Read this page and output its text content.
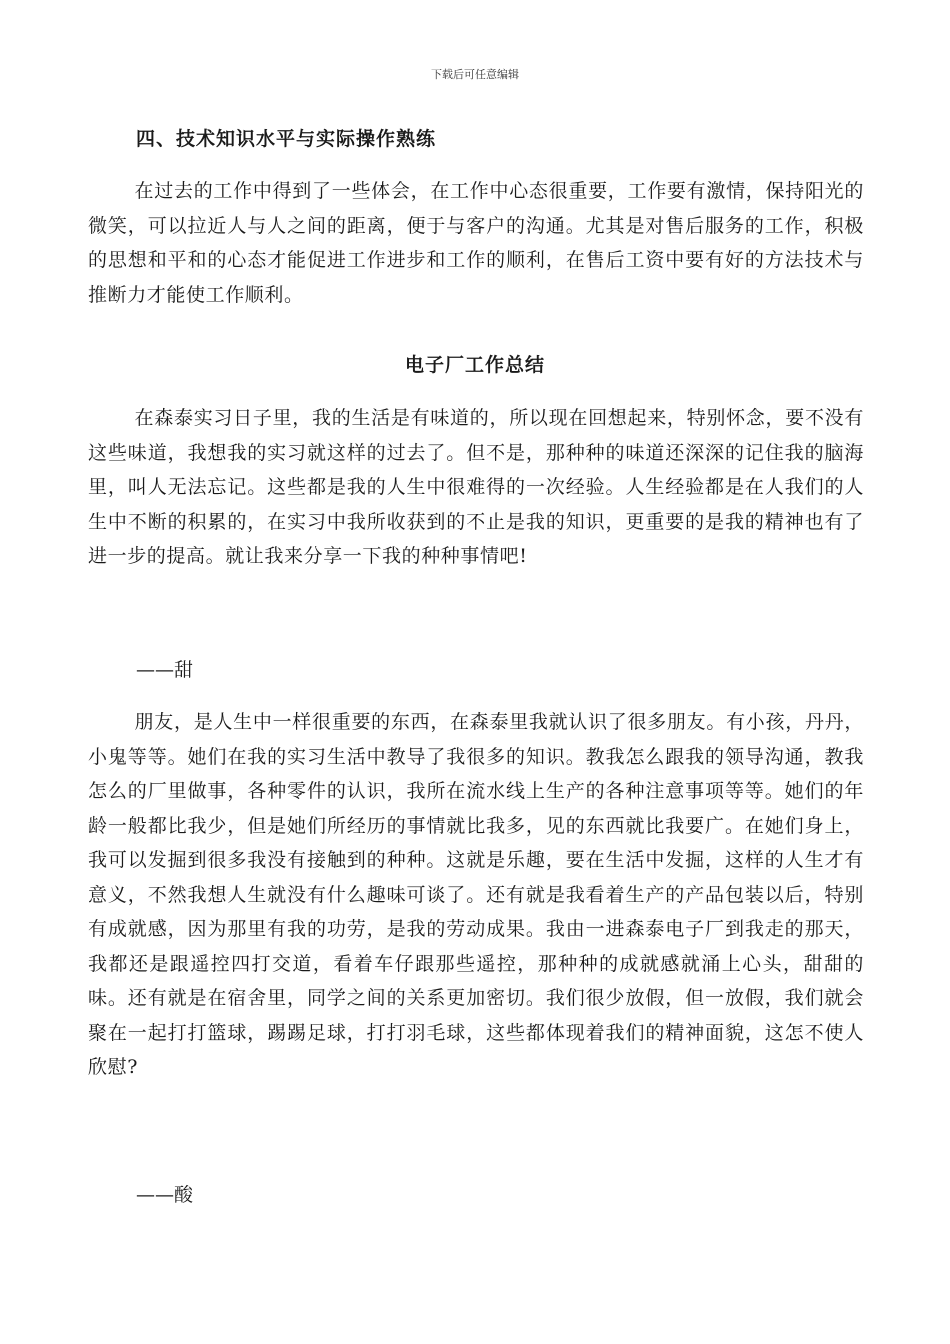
下载后可任意编辑
四、技术知识水平与实际操作熟练

在过去的工作中得到了一些体会，在工作中心态很重要，工作要有激情，保持阳光的微笑，可以拉近人与人之间的距离，便于与客户的沟通。尤其是对售后服务的工作，积极的思想和平和的心态才能促进工作进步和工作的顺利，在售后工资中要有好的方法技术与推断力才能使工作顺利。

电子厂工作总结

在森泰实习日子里，我的生活是有味道的，所以现在回想起来，特别怀念，要不没有这些味道，我想我的实习就这样的过去了。但不是，那种种的味道还深深的记住我的脑海里，叫人无法忘记。这些都是我的人生中很难得的一次经验。人生经验都是在人我们的人生中不断的积累的，在实习中我所收获到的不止是我的知识，更重要的是我的精神也有了进一步的提高。就让我来分享一下我的种种事情吧!

——甜

朋友，是人生中一样很重要的东西，在森泰里我就认识了很多朋友。有小孩，丹丹，小鬼等等。她们在我的实习生活中教导了我很多的知识。教我怎么跟我的领导沟通，教我怎么的厂里做事，各种零件的认识，我所在流水线上生产的各种注意事项等等。她们的年龄一般都比我少，但是她们所经历的事情就比我多，见的东西就比我要广。在她们身上，我可以发掘到很多我没有接触到的种种。这就是乐趣，要在生活中发掘，这样的人生才有意义，不然我想人生就没有什么趣味可谈了。还有就是我看着生产的产品包装以后，特别有成就感，因为那里有我的功劳，是我的劳动成果。我由一进森泰电子厂到我走的那天，我都还是跟遥控四打交道，看着车仔跟那些遥控，那种种的成就感就涌上心头，甜甜的味。还有就是在宿舍里，同学之间的关系更加密切。我们很少放假，但一放假，我们就会聚在一起打打篮球，踢踢足球，打打羽毛球，这些都体现着我们的精神面貌，这怎不使人欣慰?

——酸
